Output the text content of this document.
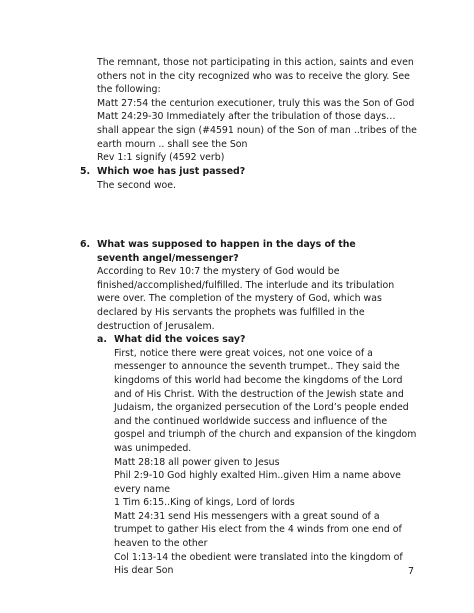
The remnant, those not participating in this action, saints and even others not in the city recognized who was to receive the glory. See the following:

Matt 27:54 the centurion executioner, truly this was the Son of God

Matt 24:29-30 Immediately after the tribulation of those days…shall appear the sign (#4591 noun) of the Son of man ..tribes of the earth mourn .. shall see the Son

Rev 1:1 signify (4592 verb)

5. Which woe has just passed?

The second woe.

6. What was supposed to happen in the days of the seventh angel/messenger?

According to Rev 10:7 the mystery of God would be finished/accomplished/fulfilled. The interlude and its tribulation were over. The completion of the mystery of God, which was declared by His servants the prophets was fulfilled in the destruction of Jerusalem.

a. What did the voices say?

First, notice there were great voices, not one voice of a messenger to announce the seventh trumpet.. They said the kingdoms of this world had become the kingdoms of the Lord and of His Christ. With the destruction of the Jewish state and Judaism, the organized persecution of the Lord’s people ended and the continued worldwide success and influence of the gospel and triumph of the church and expansion of the kingdom was unimpeded.

Matt 28:18 all power given to Jesus

Phil 2:9-10 God highly exalted Him..given Him a name above every name

1 Tim 6:15..King of kings, Lord of lords

Matt 24:31 send His messengers with a great sound of a trumpet to gather His elect from the 4 winds from one end of heaven to the other

Col 1:13-14 the obedient were translated into the kingdom of His dear Son	7
